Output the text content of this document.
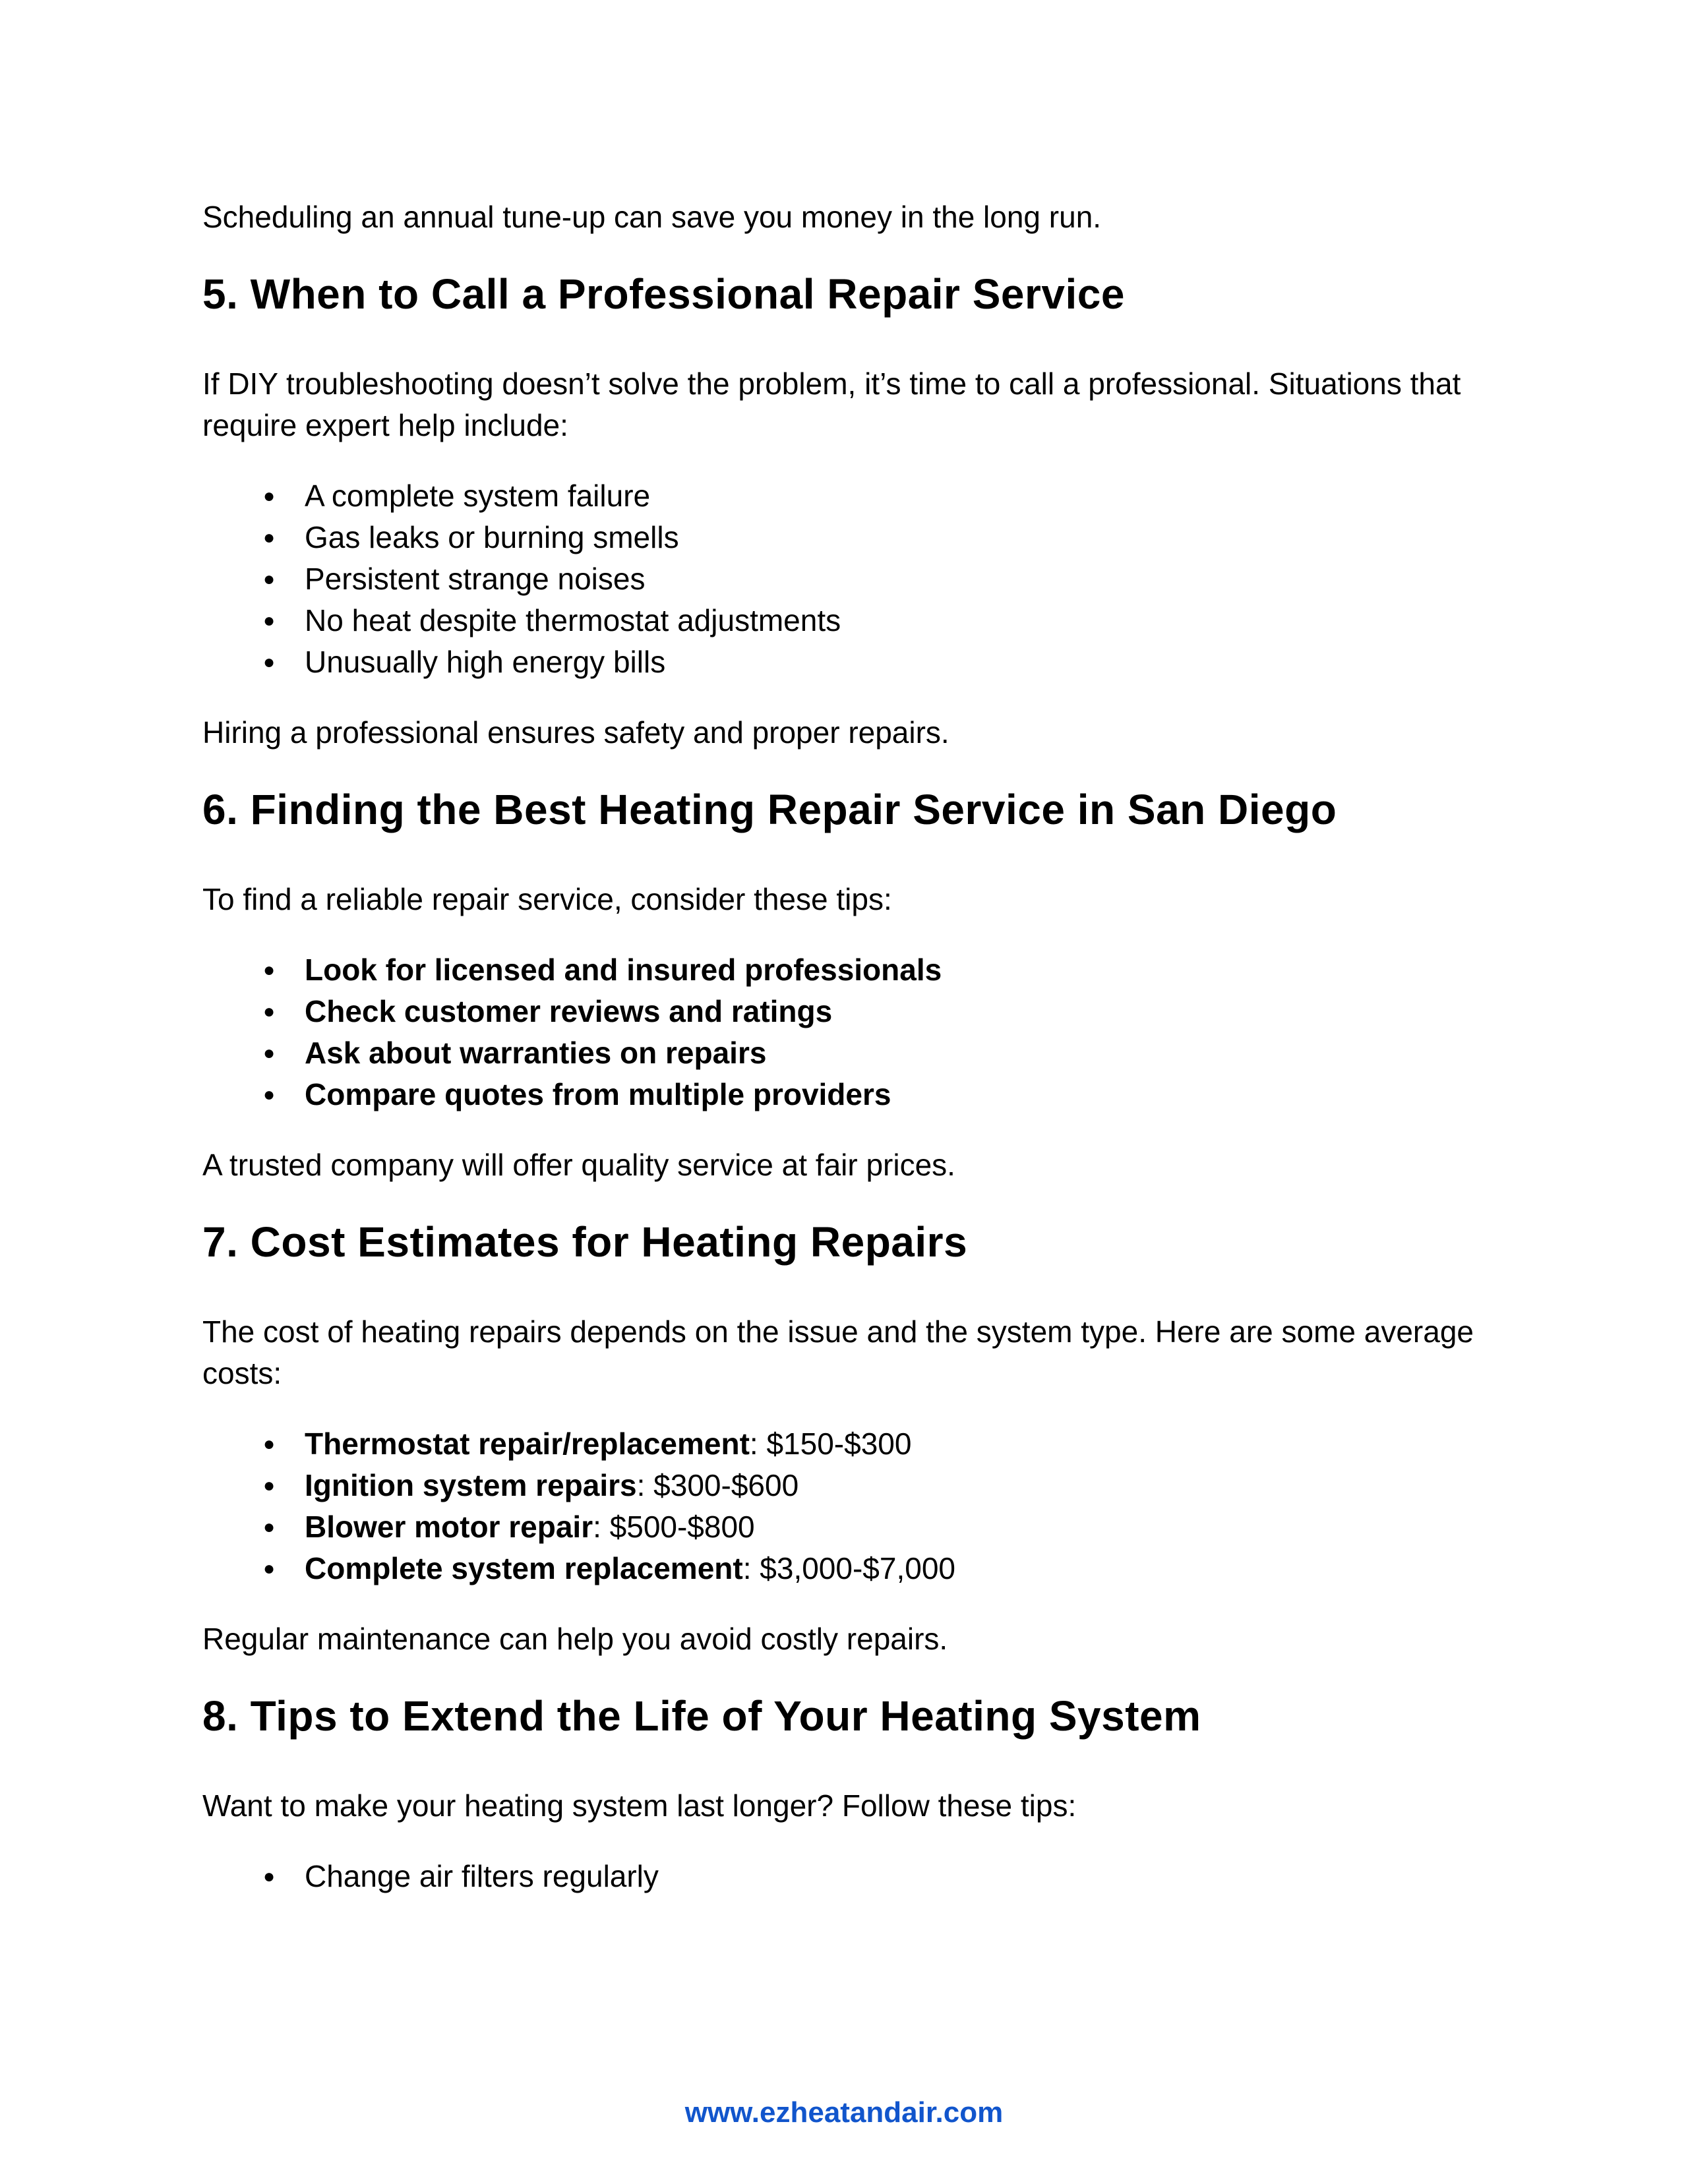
Scheduling an annual tune-up can save you money in the long run.

5. When to Call a Professional Repair Service

If DIY troubleshooting doesn’t solve the problem, it’s time to call a professional. Situations that require expert help include:

● A complete system failure
● Gas leaks or burning smells
● Persistent strange noises
● No heat despite thermostat adjustments
● Unusually high energy bills

Hiring a professional ensures safety and proper repairs.

6. Finding the Best Heating Repair Service in San Diego

To find a reliable repair service, consider these tips:

● Look for licensed and insured professionals
● Check customer reviews and ratings
● Ask about warranties on repairs
● Compare quotes from multiple providers

A trusted company will offer quality service at fair prices.

7. Cost Estimates for Heating Repairs

The cost of heating repairs depends on the issue and the system type. Here are some average costs:

● Thermostat repair/replacement: $150-$300
● Ignition system repairs: $300-$600
● Blower motor repair: $500-$800
● Complete system replacement: $3,000-$7,000

Regular maintenance can help you avoid costly repairs.

8. Tips to Extend the Life of Your Heating System

Want to make your heating system last longer? Follow these tips:

● Change air filters regularly
www.ezheatandair.com
